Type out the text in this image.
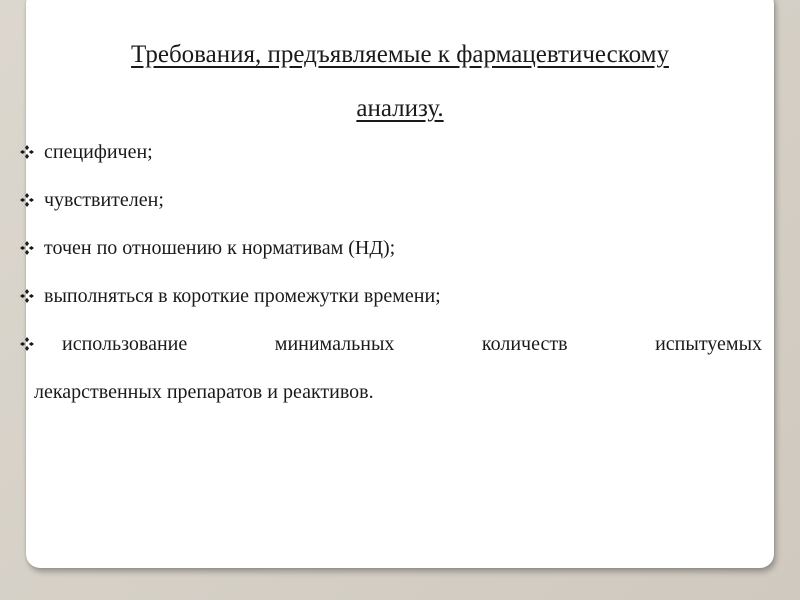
Требования, предъявляемые к фармацевтическому
анализу.
специфичен;
чувствителен;
точен по отношению к нормативам (НД);
выполняться в короткие промежутки времени;
использование минимальных количеств испытуемых
лекарственных препаратов и реактивов.
